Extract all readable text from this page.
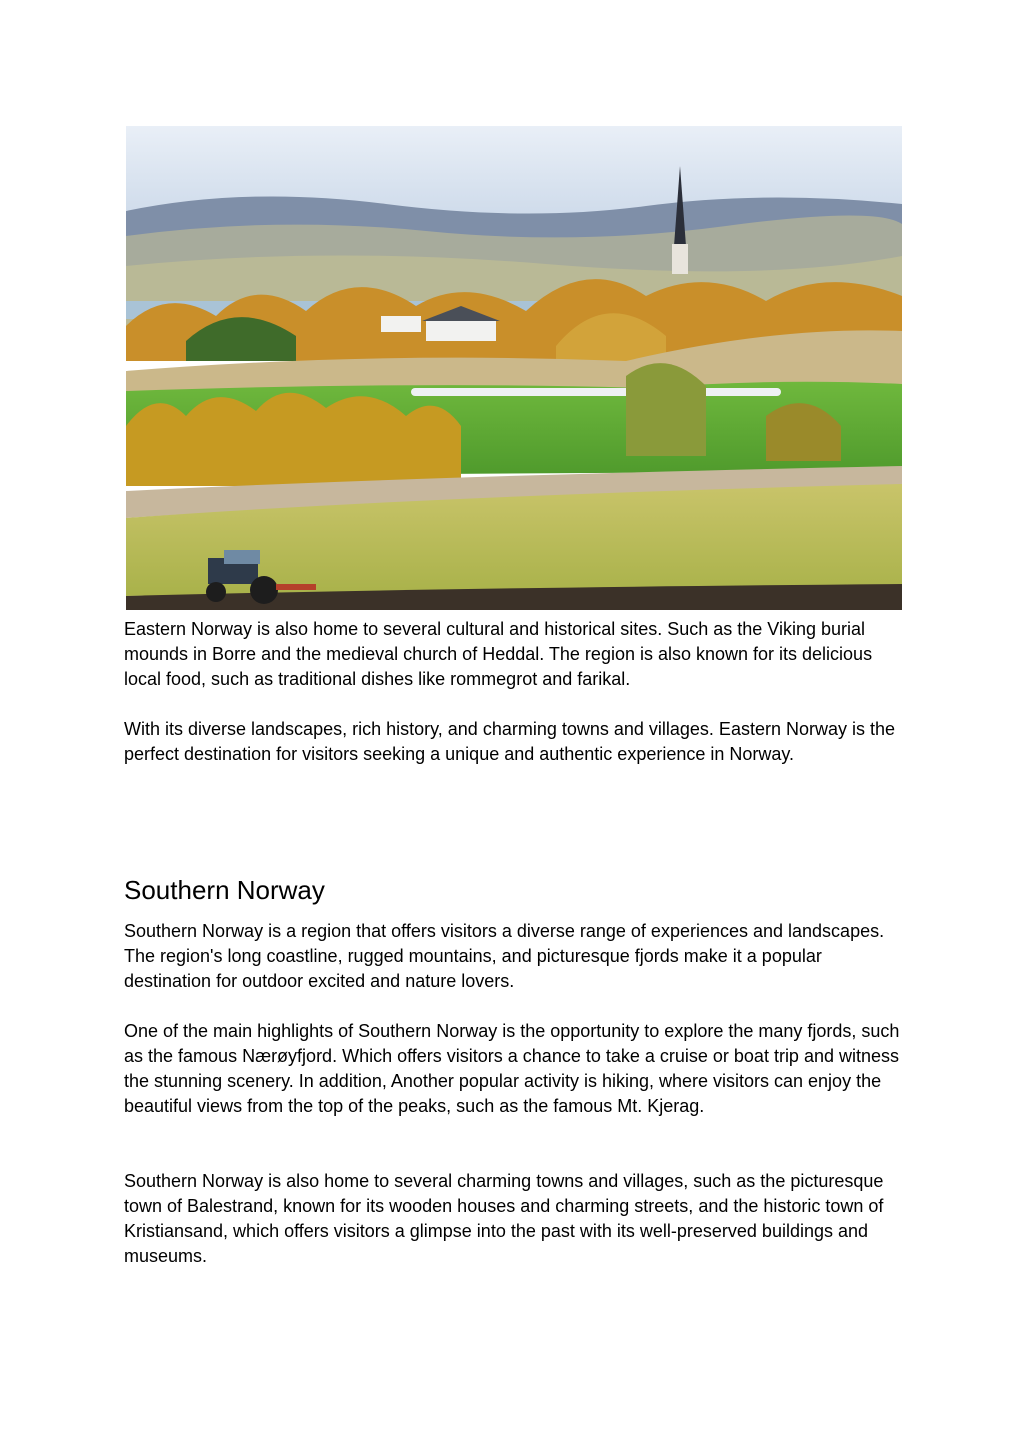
Eastern Norway is also home to several cultural and historical sites. Such as the Viking burial mounds in Borre and the medieval church of Heddal. The region is also known for its delicious local food, such as traditional dishes like rommegrot and farikal.

With its diverse landscapes, rich history, and charming towns and villages. Eastern Norway is the perfect destination for visitors seeking a unique and authentic experience in Norway.

Southern Norway

Southern Norway is a region that offers visitors a diverse range of experiences and landscapes. The region's long coastline, rugged mountains, and picturesque fjords make it a popular destination for outdoor excited and nature lovers.

One of the main highlights of Southern Norway is the opportunity to explore the many fjords, such as the famous Nærøyfjord. Which offers visitors a chance to take a cruise or boat trip and witness the stunning scenery. In addition, Another popular activity is hiking, where visitors can enjoy the beautiful views from the top of the peaks, such as the famous Mt. Kjerag.

Southern Norway is also home to several charming towns and villages, such as the picturesque town of Balestrand, known for its wooden houses and charming streets, and the historic town of Kristiansand, which offers visitors a glimpse into the past with its well-preserved buildings and museums.
